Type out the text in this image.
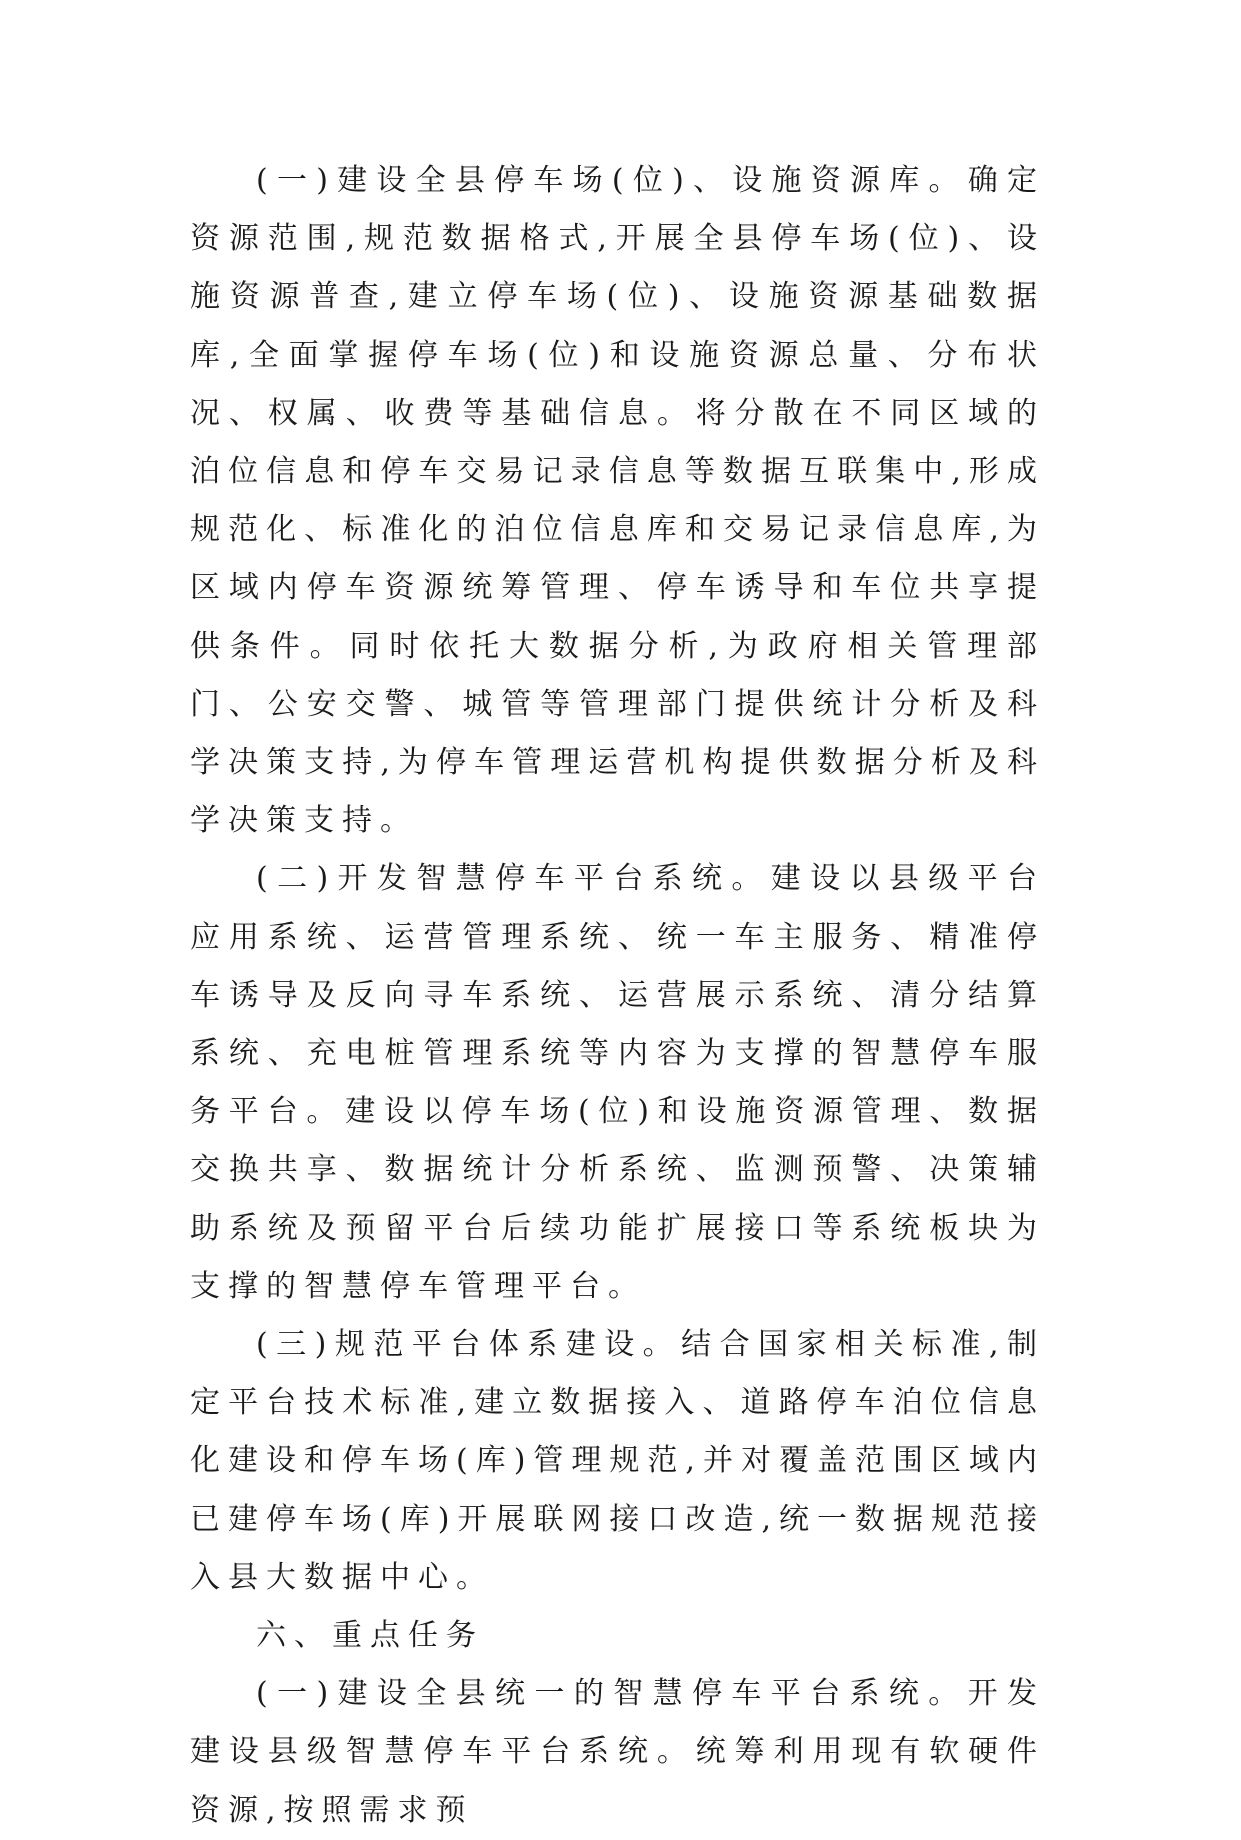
(一)建设全县停车场(位)、设施资源库。确定资源范围,规范数据格式,开展全县停车场(位)、设施资源普查,建立停车场(位)、设施资源基础数据库,全面掌握停车场(位)和设施资源总量、分布状况、权属、收费等基础信息。将分散在不同区域的泊位信息和停车交易记录信息等数据互联集中,形成规范化、标准化的泊位信息库和交易记录信息库,为区域内停车资源统筹管理、停车诱导和车位共享提供条件。同时依托大数据分析,为政府相关管理部门、公安交警、城管等管理部门提供统计分析及科学决策支持,为停车管理运营机构提供数据分析及科学决策支持。

(二)开发智慧停车平台系统。建设以县级平台应用系统、运营管理系统、统一车主服务、精准停车诱导及反向寻车系统、运营展示系统、清分结算系统、充电桩管理系统等内容为支撑的智慧停车服务平台。建设以停车场(位)和设施资源管理、数据交换共享、数据统计分析系统、监测预警、决策辅助系统及预留平台后续功能扩展接口等系统板块为支撑的智慧停车管理平台。

(三)规范平台体系建设。结合国家相关标准,制定平台技术标准,建立数据接入、道路停车泊位信息化建设和停车场(库)管理规范,并对覆盖范围区域内已建停车场(库)开展联网接口改造,统一数据规范接入县大数据中心。

六、重点任务

(一)建设全县统一的智慧停车平台系统。开发建设县级智慧停车平台系统。统筹利用现有软硬件资源,按照需求预
